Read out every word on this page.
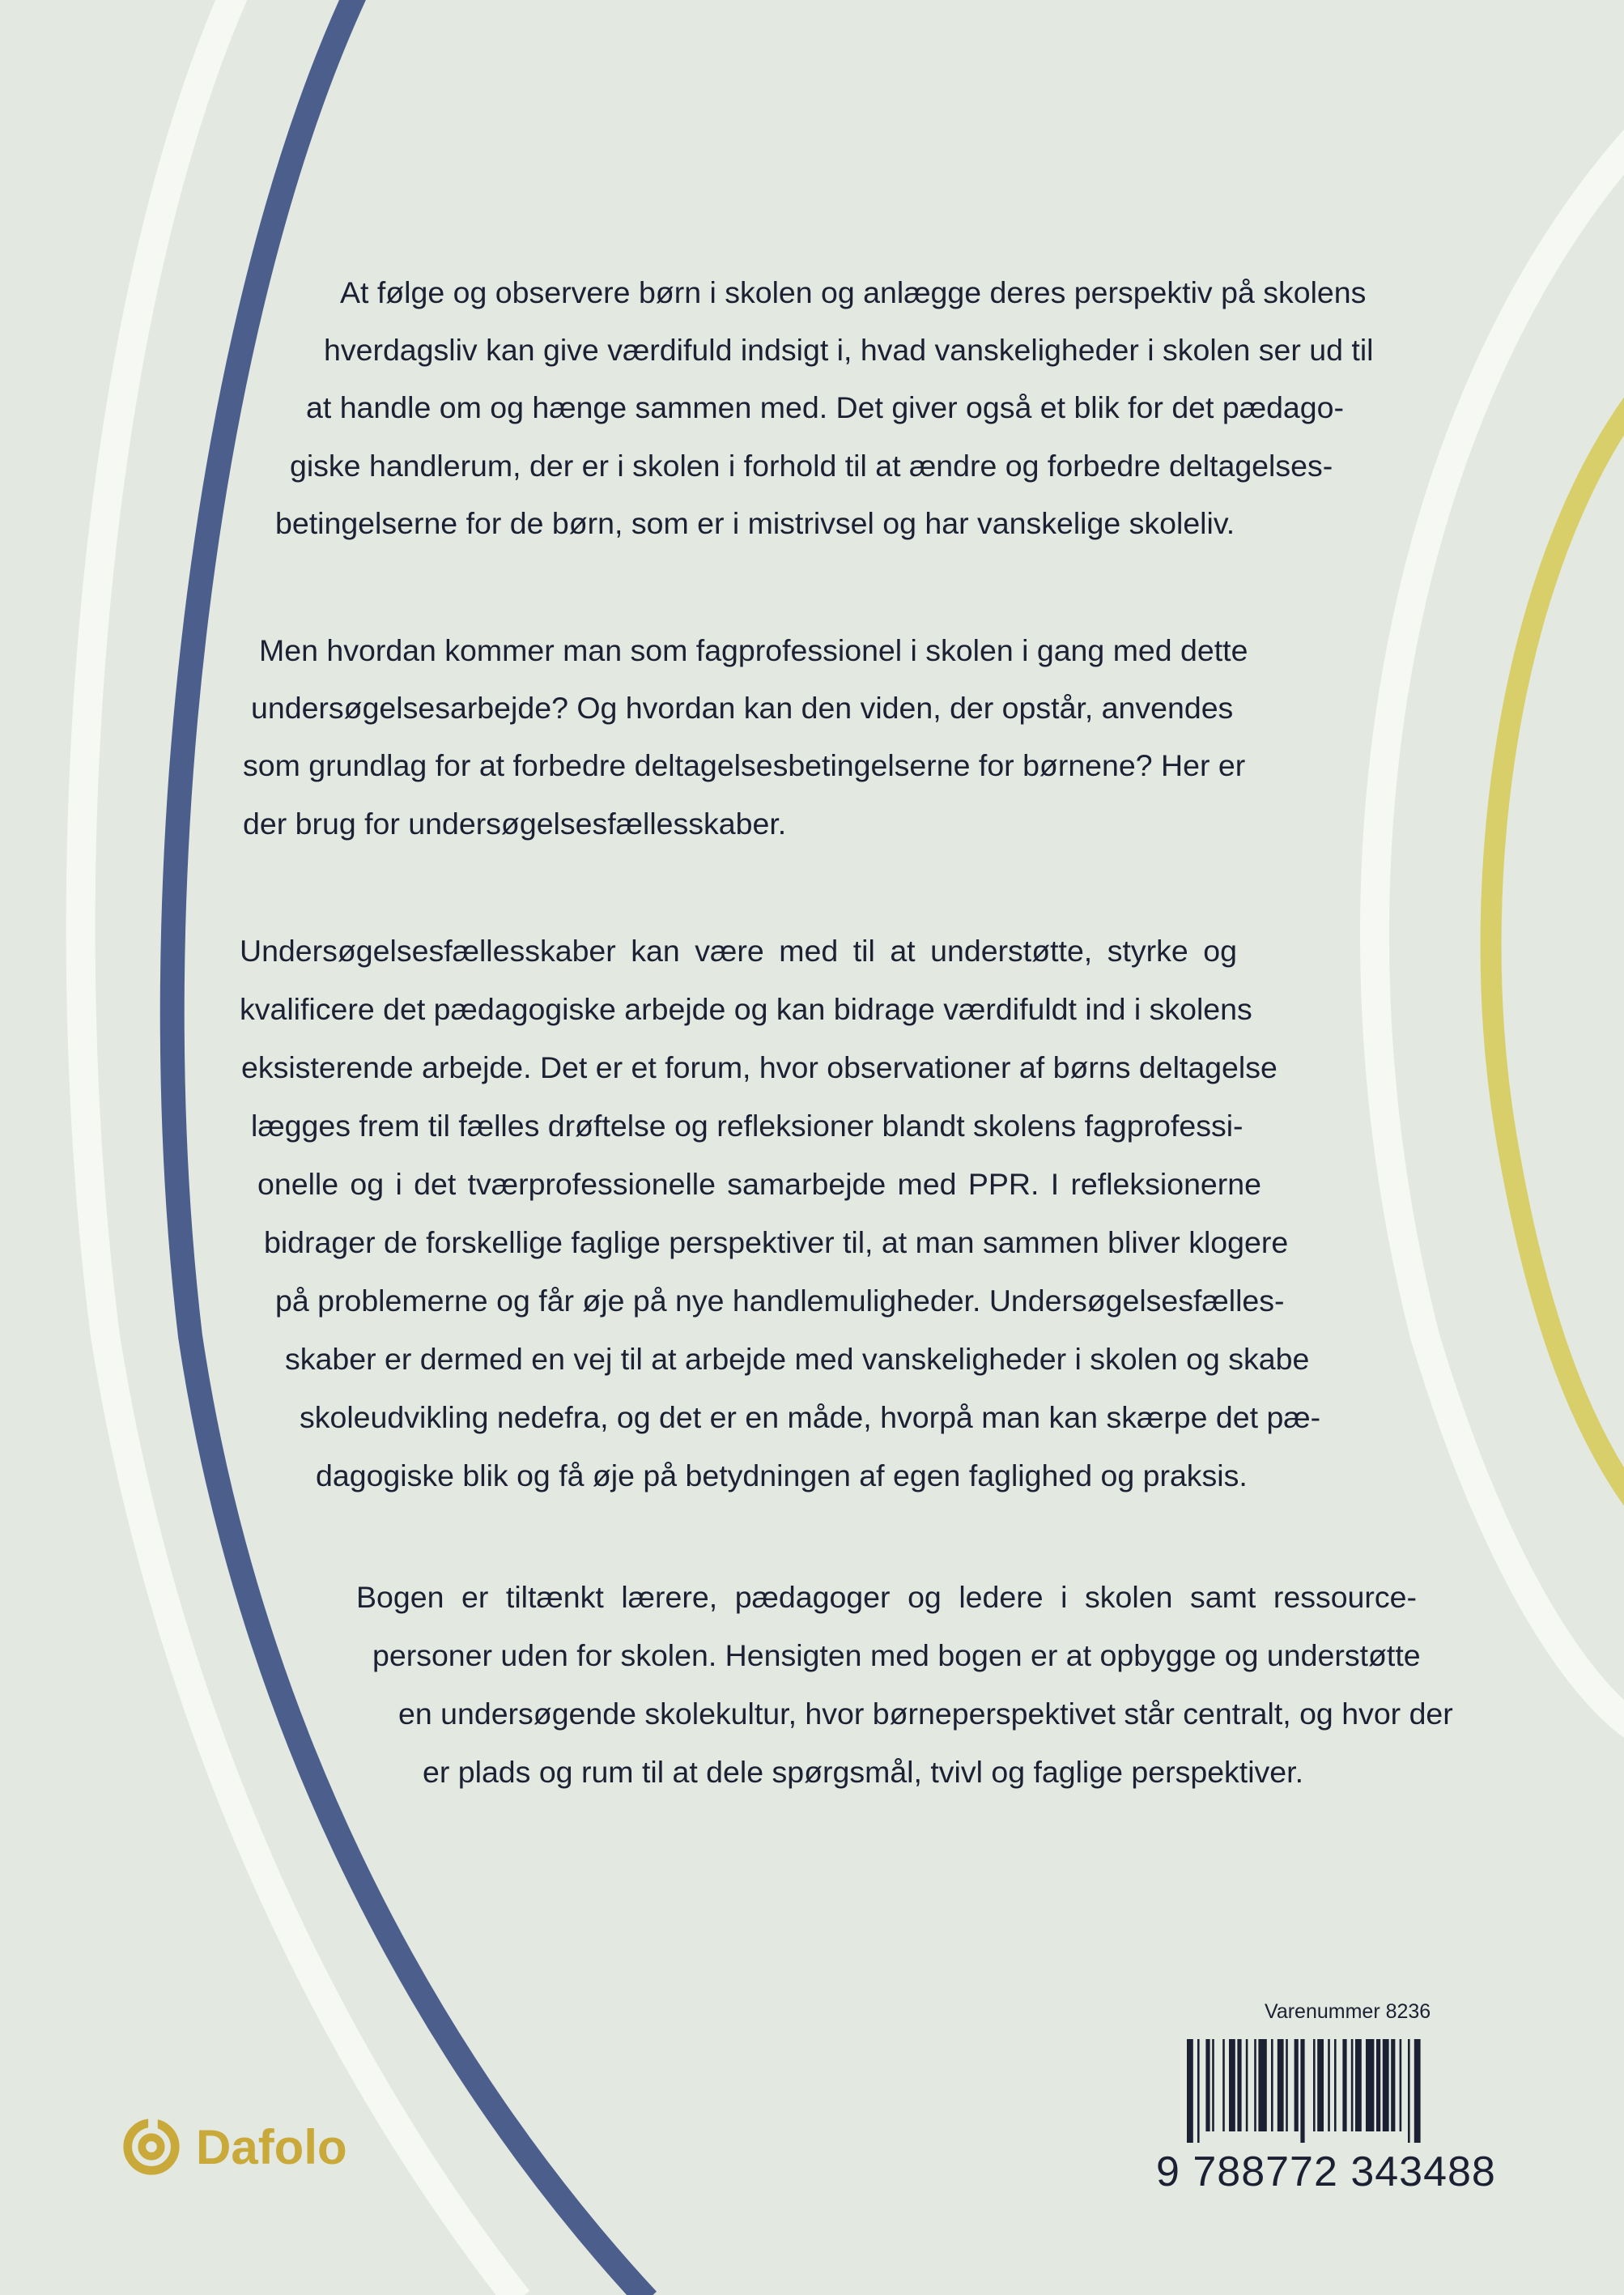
At følge og observere børn i skolen og anlægge deres perspektiv på skolens
hverdagsliv kan give værdifuld indsigt i, hvad vanskeligheder i skolen ser ud til
at handle om og hænge sammen med. Det giver også et blik for det pædago-
giske handlerum, der er i skolen i forhold til at ændre og forbedre deltagelses-
betingelserne for de børn, som er i mistrivsel og har vanskelige skoleliv.
Men hvordan kommer man som fagprofessionel i skolen i gang med dette
undersøgelsesarbejde? Og hvordan kan den viden, der opstår, anvendes
som grundlag for at forbedre deltagelsesbetingelserne for børnene? Her er
der brug for undersøgelsesfællesskaber.
Undersøgelsesfællesskaber kan være med til at understøtte, styrke og
kvalificere det pædagogiske arbejde og kan bidrage værdifuldt ind i skolens
eksisterende arbejde. Det er et forum, hvor observationer af børns deltagelse
lægges frem til fælles drøftelse og refleksioner blandt skolens fagprofessi-
onelle og i det tværprofessionelle samarbejde med PPR. I refleksionerne
bidrager de forskellige faglige perspektiver til, at man sammen bliver klogere
på problemerne og får øje på nye handlemuligheder. Undersøgelsesfælles-
skaber er dermed en vej til at arbejde med vanskeligheder i skolen og skabe
skoleudvikling nedefra, og det er en måde, hvorpå man kan skærpe det pæ-
dagogiske blik og få øje på betydningen af egen faglighed og praksis.
Bogen er tiltænkt lærere, pædagoger og ledere i skolen samt ressource-
personer uden for skolen. Hensigten med bogen er at opbygge og understøtte
en undersøgende skolekultur, hvor børneperspektivet står centralt, og hvor der
er plads og rum til at dele spørgsmål, tvivl og faglige perspektiver.
Dafolo
Varenummer 8236
9 788772 343488
